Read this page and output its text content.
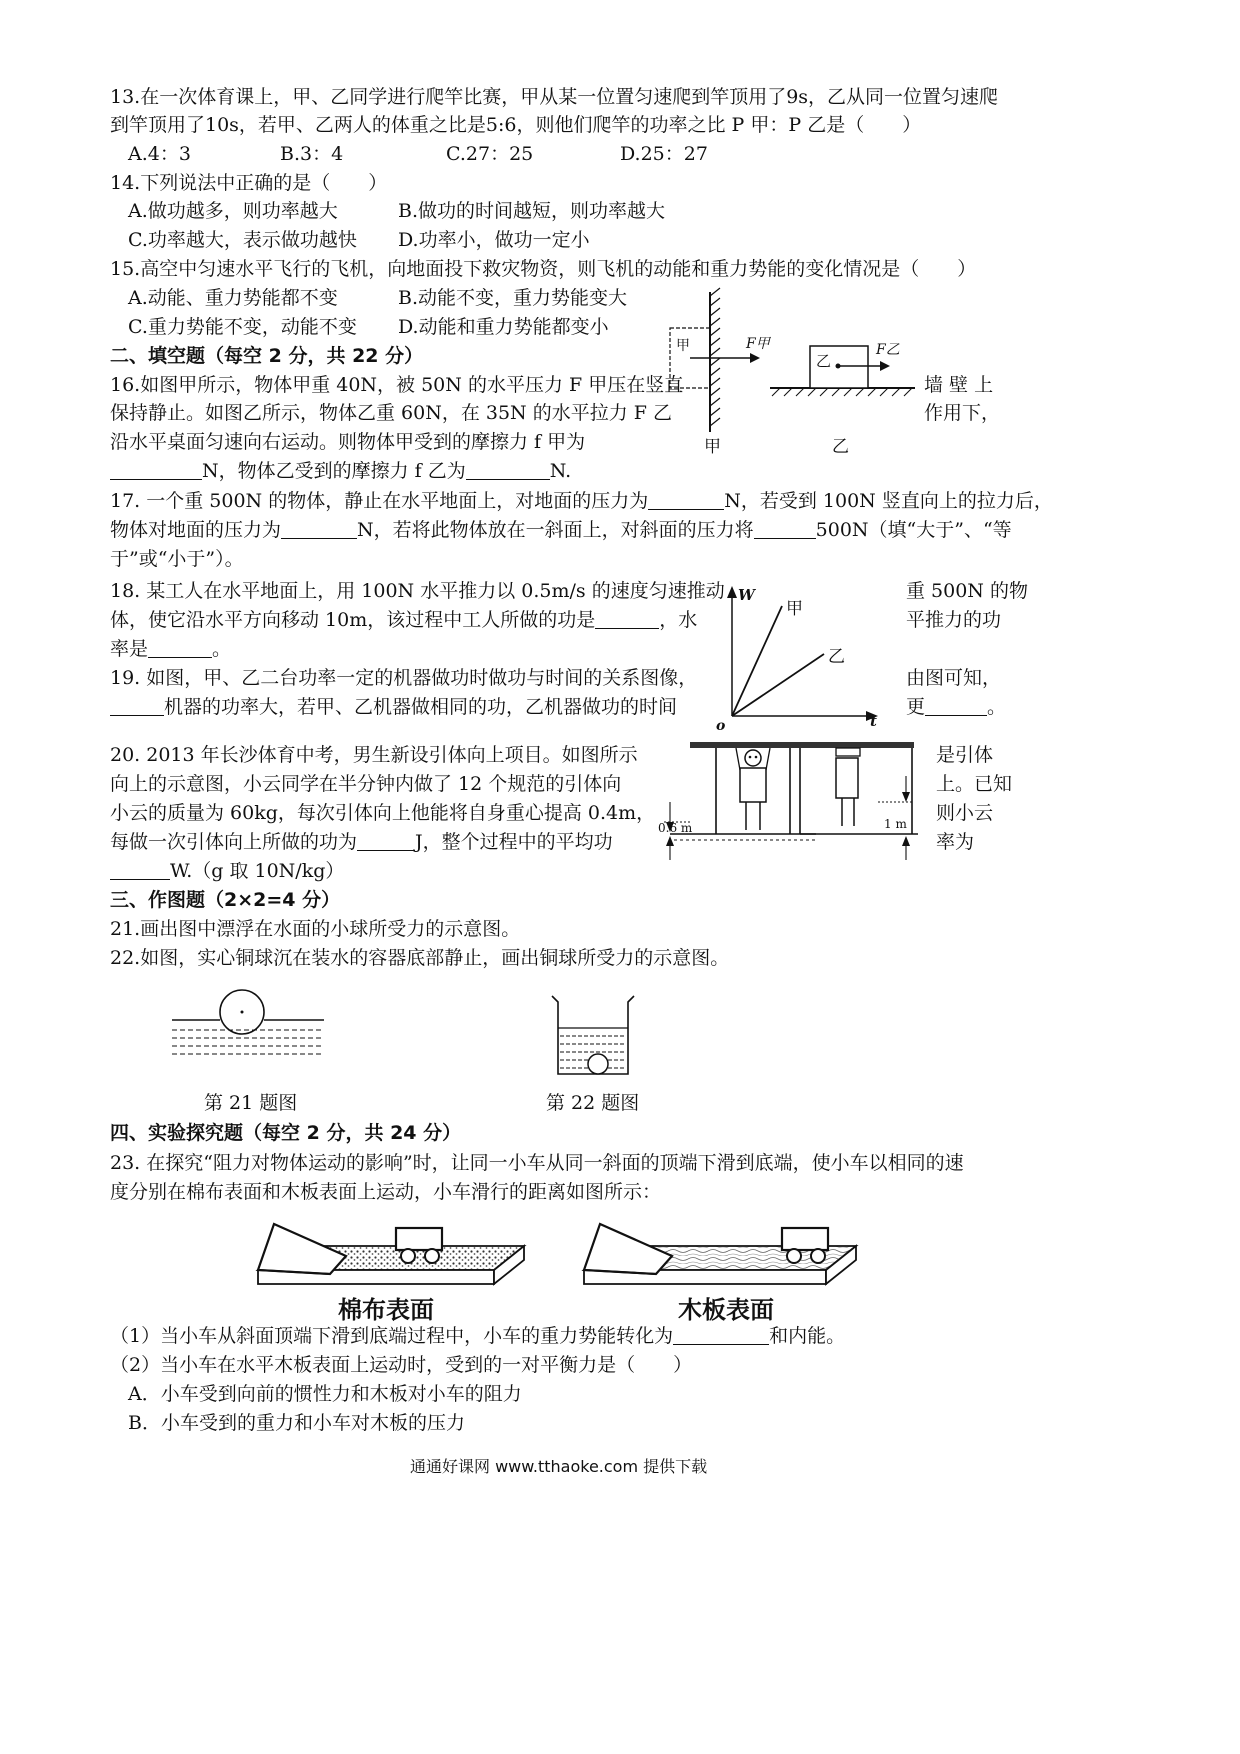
13.在一次体育课上，甲、乙同学进行爬竿比赛，甲从某一位置匀速爬到竿顶用了9s，乙从同一位置匀速爬
到竿顶用了10s，若甲、乙两人的体重之比是5:6，则他们爬竿的功率之比 P 甲：P 乙是（　　）
A.4：3	B.3：4	C.27：25	D.25：27
14.下列说法中正确的是（　　）
A.做功越多，则功率越大	B.做功的时间越短，则功率越大
C.功率越大，表示做功越快 D.功率小，做功一定小
15.高空中匀速水平飞行的飞机，向地面投下救灾物资，则飞机的动能和重力势能的变化情况是（　　）
A.动能、重力势能都不变	B.动能不变，重力势能变大
C.重力势能不变，动能不变 D.动能和重力势能都变小
甲	F甲
乙
F乙
甲	乙
二、填空题（每空 2 分，共 22 分）
16.如图甲所示，物体甲重 40N，被 50N 的水平压力 F 甲压在竖直	墙 壁 上
保持静止。如图乙所示，物体乙重 60N，在 35N 的水平拉力 F 乙	作用下，
沿水平桌面匀速向右运动。则物体甲受到的摩擦力 f 甲为
N，物体乙受到的摩擦力 f 乙为	N.
17. 一个重 500N 的物体，静止在水平地面上，对地面的压力为	N，若受到 100N 竖直向上的拉力后，
物体对地面的压力为	N，若将此物体放在一斜面上，对斜面的压力将	500N（填“大于”、“等
于”或“小于”）。
W
t
o
甲
乙
18. 某工人在水平地面上，用 100N 水平推力以 0.5m/s 的速度匀速推动	重 500N 的物
体，使它沿水平方向移动 10m，该过程中工人所做的功是	，水	平推力的功
率是	。
19. 如图，甲、乙二台功率一定的机器做功时做功与时间的关系图像，	由图可知，
机器的功率大，若甲、乙机器做相同的功，乙机器做功的时间	更	。
0.6 m	1 m
20. 2013 年长沙体育中考，男生新设引体向上项目。如图所示	是引体
向上的示意图，小云同学在半分钟内做了 12 个规范的引体向	上。已知
小云的质量为 60kg，每次引体向上他能将自身重心提高 0.4m，	则小云
每做一次引体向上所做的功为	J，整个过程中的平均功	率为
W.（g 取 10N/kg）
三、作图题（2×2=4 分）
21.画出图中漂浮在水面的小球所受力的示意图。
22.如图，实心铜球沉在装水的容器底部静止，画出铜球所受力的示意图。
第 21 题图	第 22 题图
四、实验探究题（每空 2 分，共 24 分）
23. 在探究“阻力对物体运动的影响”时，让同一小车从同一斜面的顶端下滑到底端，使小车以相同的速
度分别在棉布表面和木板表面上运动，小车滑行的距离如图所示：
棉布表面	木板表面
（1）当小车从斜面顶端下滑到底端过程中，小车的重力势能转化为	和内能。
（2）当小车在水平木板表面上运动时，受到的一对平衡力是（　　）
A．小车受到向前的惯性力和木板对小车的阻力
B．小车受到的重力和小车对木板的压力
通通好课网 www.tthaoke.com 提供下载
